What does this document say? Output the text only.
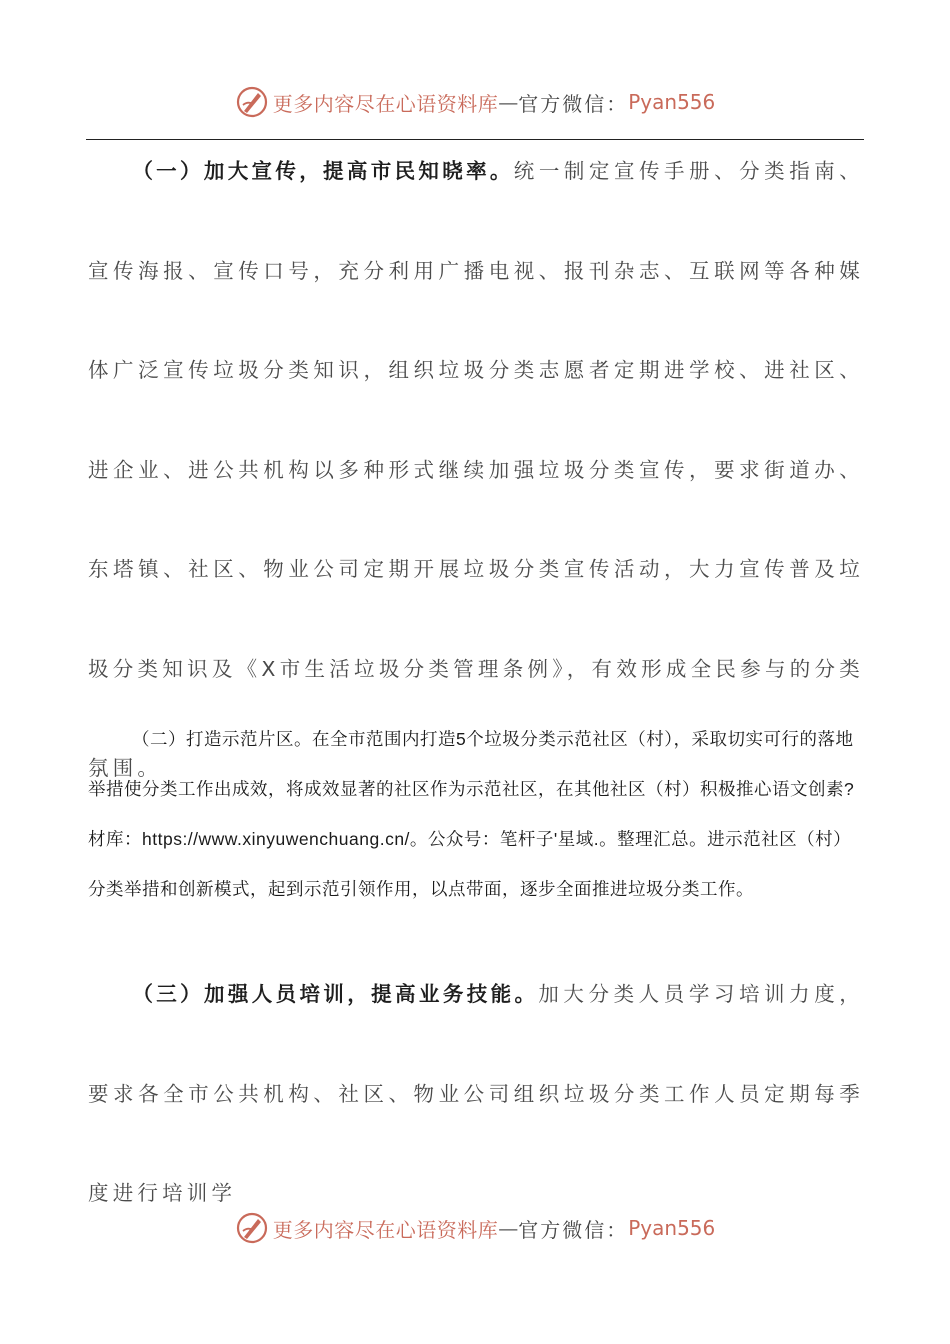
更多内容尽在心语资料库 — 官方微信： Pyan556
（一）加大宣传，提高市民知晓率。统一制定宣传手册、分类指南、宣传海报、宣传口号，充分利用广播电视、报刊杂志、互联网等各种媒体广泛宣传垃圾分类知识，组织垃圾分类志愿者定期进学校、进社区、进企业、进公共机构以多种形式继续加强垃圾分类宣传，要求街道办、东塔镇、社区、物业公司定期开展垃圾分类宣传活动，大力宣传普及垃圾分类知识及《X市生活垃圾分类管理条例》，有效形成全民参与的分类氛围。
（二）打造示范片区。在全市范围内打造5个垃圾分类示范社区（村），采取切实可行的落地举措使分类工作出成效，将成效显著的社区作为示范社区，在其他社区（村）积极推心语文创素?材库：https://www.xinyuwenchuang.cn/。公众号：笔杆子'星域.。整理汇总。进示范社区（村）分类举措和创新模式，起到示范引领作用，以点带面，逐步全面推进垃圾分类工作。
（三）加强人员培训，提高业务技能。加大分类人员学习培训力度，要求各全市公共机构、社区、物业公司组织垃圾分类工作人员定期每季度进行培训学
更多内容尽在心语资料库 — 官方微信： Pyan556
